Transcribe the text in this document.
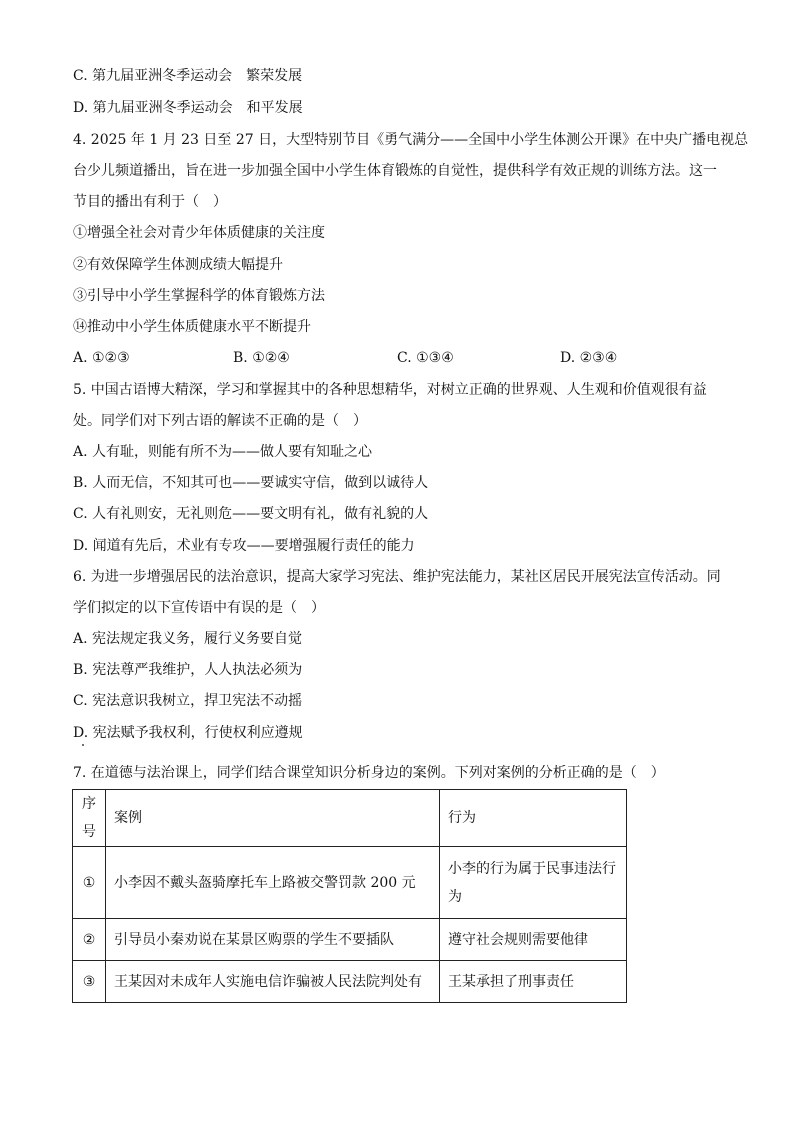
C. 第九届亚洲冬季运动会　繁荣发展
D. 第九届亚洲冬季运动会　和平发展
4. 2025 年 1 月 23 日至 27 日，大型特别节目《勇气满分——全国中小学生体测公开课》在中央广播电视总
台少儿频道播出，旨在进一步加强全国中小学生体育锻炼的自觉性，提供科学有效正规的训练方法。这一
节目的播出有利于（　）
①增强全社会对青少年体质健康的关注度
②有效保障学生体测成绩大幅提升
③引导中小学生掌握科学的体育锻炼方法
⑭推动中小学生体质健康水平不断提升
A. ①②③	B. ①②④	C. ①③④	D. ②③④
5. 中国古语博大精深，学习和掌握其中的各种思想精华，对树立正确的世界观、人生观和价值观很有益
处。同学们对下列古语的解读不正确的是（　）
A. 人有耻，则能有所不为——做人要有知耻之心
B. 人而无信，不知其可也——要诚实守信，做到以诚待人
C. 人有礼则安，无礼则危——要文明有礼，做有礼貌的人
D. 闻道有先后，术业有专攻——要增强履行责任的能力
6. 为进一步增强居民的法治意识，提高大家学习宪法、维护宪法能力，某社区居民开展宪法宣传活动。同
学们拟定的以下宣传语中有误的是（　）
A. 宪法规定我义务，履行义务要自觉
B. 宪法尊严我维护，人人执法必须为
C. 宪法意识我树立，捍卫宪法不动摇
D. 宪法赋予我权利，行使权利应遵规
7. 在道德与法治课上，同学们结合课堂知识分析身边的案例。下列对案例的分析正确的是（　）
序
号	案例	行为
①	小李因不戴头盔骑摩托车上路被交警罚款 200 元	小李的行为属于民事违法行为
②	引导员小秦劝说在某景区购票的学生不要插队	遵守社会规则需要他律
③	王某因对未成年人实施电信诈骗被人民法院判处有	王某承担了刑事责任
